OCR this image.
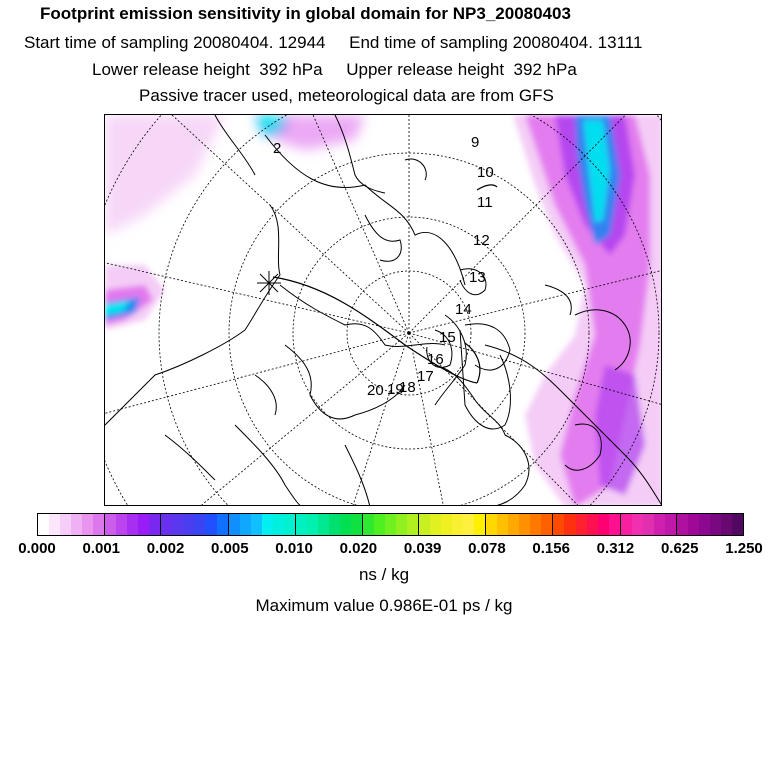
Footprint emission sensitivity in global domain for NP3_20080403
Start time of sampling 20080404. 12944 End time of sampling 20080404. 13111
Lower release height  392 hPa Upper release height  392 hPa
Passive tracer used, meteorological data are from GFS
2	9
10
11
12
13
14
15
16
17
18
19
20
0.000 0.001 0.002 0.005 0.010 0.020 0.039 0.078 0.156 0.312 0.625 1.250
ns / kg
Maximum value 0.986E-01 ps / kg
